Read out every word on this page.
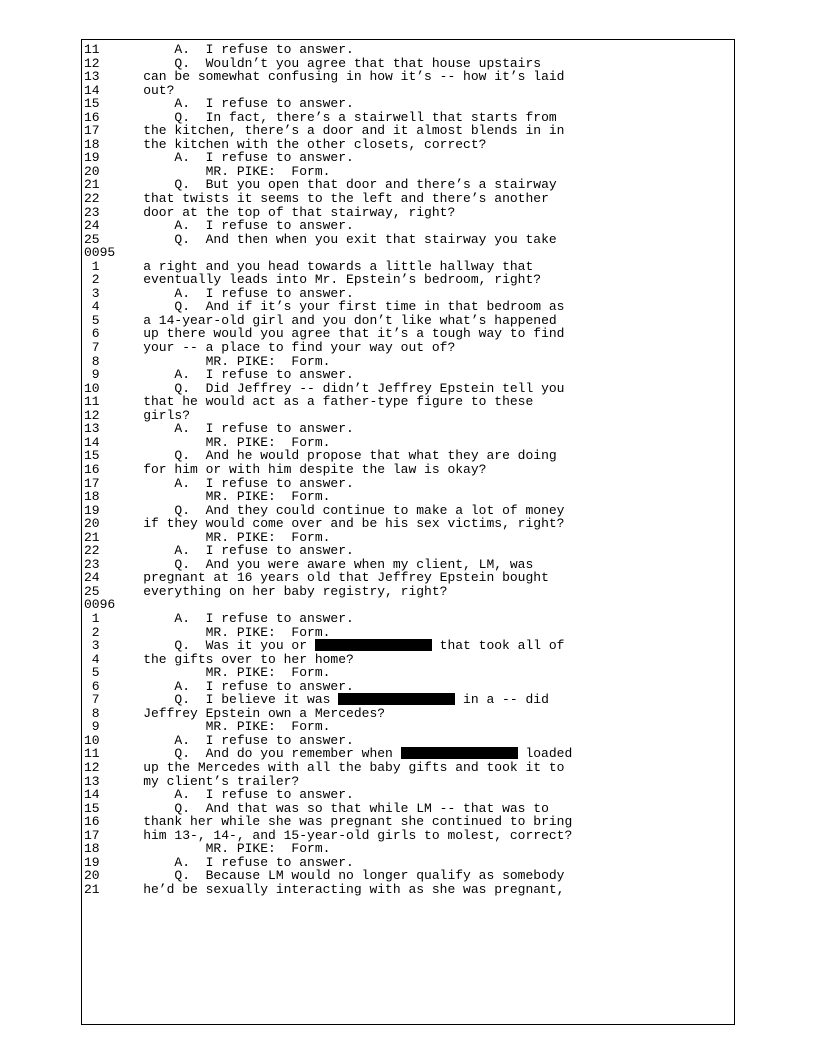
11        A.  I refuse to answer.
12        Q.  Wouldn’t you agree that that house upstairs
13    can be somewhat confusing in how it’s -- how it’s laid
14    out?
15        A.  I refuse to answer.
16        Q.  In fact, there’s a stairwell that starts from
17    the kitchen, there’s a door and it almost blends in in
18    the kitchen with the other closets, correct?
19        A.  I refuse to answer.
20            MR. PIKE:  Form.
21        Q.  But you open that door and there’s a stairway
22    that twists it seems to the left and there’s another
23    door at the top of that stairway, right?
24        A.  I refuse to answer.
25        Q.  And then when you exit that stairway you take
0095
1    a right and you head towards a little hallway that
2    eventually leads into Mr. Epstein’s bedroom, right?
3        A.  I refuse to answer.
4        Q.  And if it’s your first time in that bedroom as
5    a 14-year-old girl and you don’t like what’s happened
6    up there would you agree that it’s a tough way to find
7    your -- a place to find your way out of?
8            MR. PIKE:  Form.
9        A.  I refuse to answer.
10        Q.  Did Jeffrey -- didn’t Jeffrey Epstein tell you
11    that he would act as a father-type figure to these
12    girls?
13        A.  I refuse to answer.
14            MR. PIKE:  Form.
15        Q.  And he would propose that what they are doing
16    for him or with him despite the law is okay?
17        A.  I refuse to answer.
18            MR. PIKE:  Form.
19        Q.  And they could continue to make a lot of money
20    if they would come over and be his sex victims, right?
21            MR. PIKE:  Form.
22        A.  I refuse to answer.
23        Q.  And you were aware when my client, LM, was
24    pregnant at 16 years old that Jeffrey Epstein bought
25    everything on her baby registry, right?
0096
1        A.  I refuse to answer.
2            MR. PIKE:  Form.
3        Q.  Was it you or	that took all of
4    the gifts over to her home?
5            MR. PIKE:  Form.
6        A.  I refuse to answer.
7        Q.  I believe it was	in a -- did
8    Jeffrey Epstein own a Mercedes?
9            MR. PIKE:  Form.
10        A.  I refuse to answer.
11        Q.  And do you remember when	loaded
12    up the Mercedes with all the baby gifts and took it to
13    my client’s trailer?
14        A.  I refuse to answer.
15        Q.  And that was so that while LM -- that was to
16    thank her while she was pregnant she continued to bring
17    him 13-, 14-, and 15-year-old girls to molest, correct?
18            MR. PIKE:  Form.
19        A.  I refuse to answer.
20        Q.  Because LM would no longer qualify as somebody
21    he’d be sexually interacting with as she was pregnant,
